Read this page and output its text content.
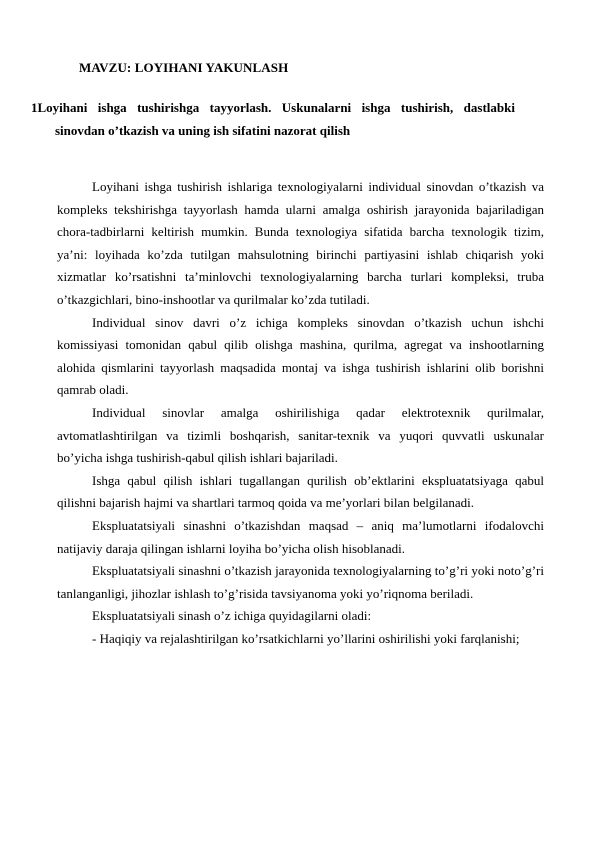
MAVZU: LOYIHANI YAKUNLASH
1 Loyihani ishga tushirishga tayyorlash. Uskunalarni ishga tushirish, dastlabki
sinovdan o’tkazish va uning ish sifatini nazorat qilish

Loyihani ishga tushirish ishlariga texnologiyalarni individual sinovdan o’tkazish va kompleks tekshirishga tayyorlash hamda ularni amalga oshirish jarayonida bajariladigan chora-tadbirlarni keltirish mumkin. Bunda texnologiya sifatida barcha texnologik tizim, ya’ni: loyihada ko’zda tutilgan mahsulotning birinchi partiyasini ishlab chiqarish yoki xizmatlar ko’rsatishni ta’minlovchi texnologiyalarning barcha turlari kompleksi, truba o’tkazgichlari, bino-inshootlar va qurilmalar ko’zda tutiladi.

Individual sinov davri o’z ichiga kompleks sinovdan o’tkazish uchun ishchi komissiyasi tomonidan qabul qilib olishga mashina, qurilma, agregat va inshootlarning alohida qismlarini tayyorlash maqsadida montaj va ishga tushirish ishlarini olib borishni qamrab oladi.

Individual sinovlar amalga oshirilishiga qadar elektrotexnik qurilmalar, avtomatlashtirilgan va tizimli boshqarish, sanitar-texnik va yuqori quvvatli uskunalar bo’yicha ishga tushirish-qabul qilish ishlari bajariladi.

Ishga qabul qilish ishlari tugallangan qurilish ob’ektlarini ekspluatatsiyaga qabul qilishni bajarish hajmi va shartlari tarmoq qoida va me’yorlari bilan belgilanadi.

Ekspluatatsiyali sinashni o’tkazishdan maqsad – aniq ma’lumotlarni ifodalovchi natijaviy daraja qilingan ishlarni loyiha bo’yicha olish hisoblanadi.

Ekspluatatsiyali sinashni o’tkazish jarayonida texnologiyalarning to’g’ri yoki noto’g’ri tanlanganligi, jihozlar ishlash to’g’risida tavsiyanoma yoki yo’riqnoma beriladi.

Ekspluatatsiyali sinash o’z ichiga quyidagilarni oladi:

- Haqiqiy va rejalashtirilgan ko’rsatkichlarni yo’llarini oshirilishi yoki farqlanishi;
